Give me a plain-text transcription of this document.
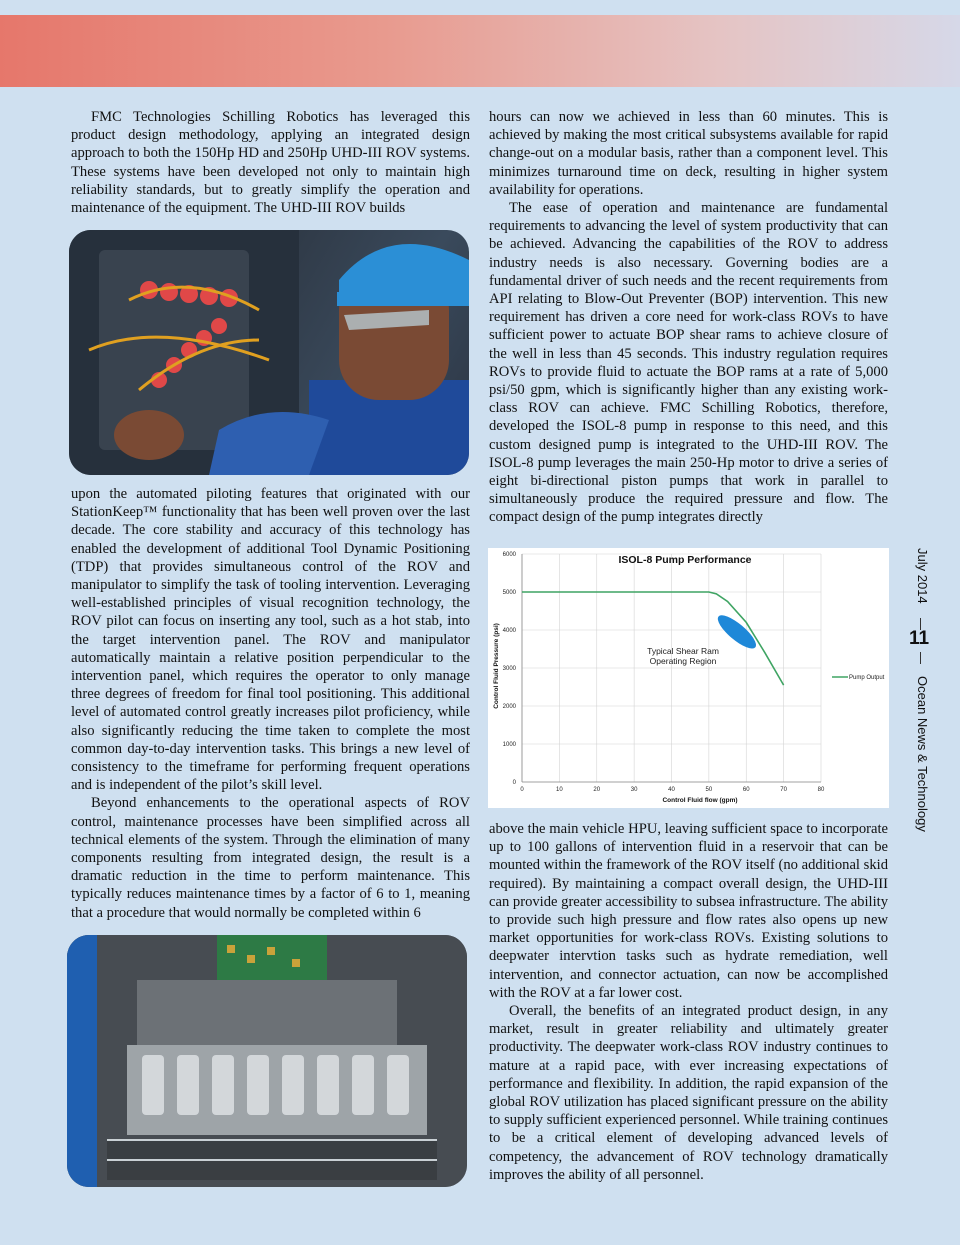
FMC Technologies Schilling Robotics has leveraged this product design methodology, applying an integrated design approach to both the 150Hp HD and 250Hp UHD-III ROV systems. These systems have been developed not only to maintain high reliability standards, but to greatly simplify the operation and maintenance of the equipment. The UHD-III ROV builds

upon the automated piloting features that originated with our StationKeep™ functionality that has been well proven over the last decade. The core stability and accuracy of this technology has enabled the development of additional Tool Dynamic Positioning (TDP) that provides simultaneous control of the ROV and manipulator to simplify the task of tooling intervention. Leveraging well-established principles of visual recognition technology, the ROV pilot can focus on inserting any tool, such as a hot stab, into the target intervention panel. The ROV and manipulator automatically maintain a relative position perpendicular to the intervention panel, which requires the operator to only manage three degrees of freedom for final tool positioning. This additional level of automated control greatly increases pilot proficiency, while also significantly reducing the time taken to complete the most common day-to-day intervention tasks. This brings a new level of consistency to the timeframe for performing frequent operations and is independent of the pilot’s skill level.

Beyond enhancements to the operational aspects of ROV control, maintenance processes have been simplified across all technical elements of the system. Through the elimination of many components resulting from integrated design, the result is a dramatic reduction in the time to perform maintenance. This typically reduces maintenance times by a factor of 6 to 1, meaning that a procedure that would normally be completed within 6

hours can now we achieved in less than 60 minutes. This is achieved by making the most critical subsystems available for rapid change-out on a modular basis, rather than a component level. This minimizes turnaround time on deck, resulting in higher system availability for operations.

The ease of operation and maintenance are fundamental requirements to advancing the level of system productivity that can be achieved. Advancing the capabilities of the ROV to address industry needs is also necessary. Governing bodies are a fundamental driver of such needs and the recent requirements from API relating to Blow-Out Preventer (BOP) intervention. This new requirement has driven a core need for work-class ROVs to have sufficient power to actuate BOP shear rams to achieve closure of the well in less than 45 seconds. This industry regulation requires ROVs to provide fluid to actuate the BOP rams at a rate of 5,000 psi/50 gpm, which is significantly higher than any existing work-class ROV can achieve. FMC Schilling Robotics, therefore, developed the ISOL-8 pump in response to this need, and this custom designed pump is integrated to the UHD-III ROV. The ISOL-8 pump leverages the main 250-Hp motor to drive a series of eight bi-directional piston pumps that work in parallel to simultaneously produce the required pressure and flow. The compact design of the pump integrates directly

0
1000
2000
3000
4000
5000
6000
0	10	20	30	40	50	60	70	80
ISOL-8 Pump Performance
Control Fluid flow (gpm)
Control Fluid Pressure (psi)	Typical Shear Ram
Operating Region
Pump Output

above the main vehicle HPU, leaving sufficient space to incorporate up to 100 gallons of intervention fluid in a reservoir that can be mounted within the framework of the ROV itself (no additional skid required). By maintaining a compact overall design, the UHD-III can provide greater accessibility to subsea infrastructure. The ability to provide such high pressure and flow rates also opens up new market opportunities for work-class ROVs. Existing solutions to deepwater intervtion tasks such as hydrate remediation, well intervention, and connector actuation, can now be accomplished with the ROV at a far lower cost.

Overall, the benefits of an integrated product design, in any market, result in greater reliability and ultimately greater productivity. The deepwater work-class ROV industry continues to mature at a rapid pace, with ever increasing expectations of performance and flexibility. In addition, the rapid expansion of the global ROV utilization has placed significant pressure on the ability to supply sufficient experienced personnel. While training continues to be a critical element of developing advanced levels of competency, the advancement of ROV technology dramatically improves the ability of all personnel.

July 2014
11
Ocean News & Technology
